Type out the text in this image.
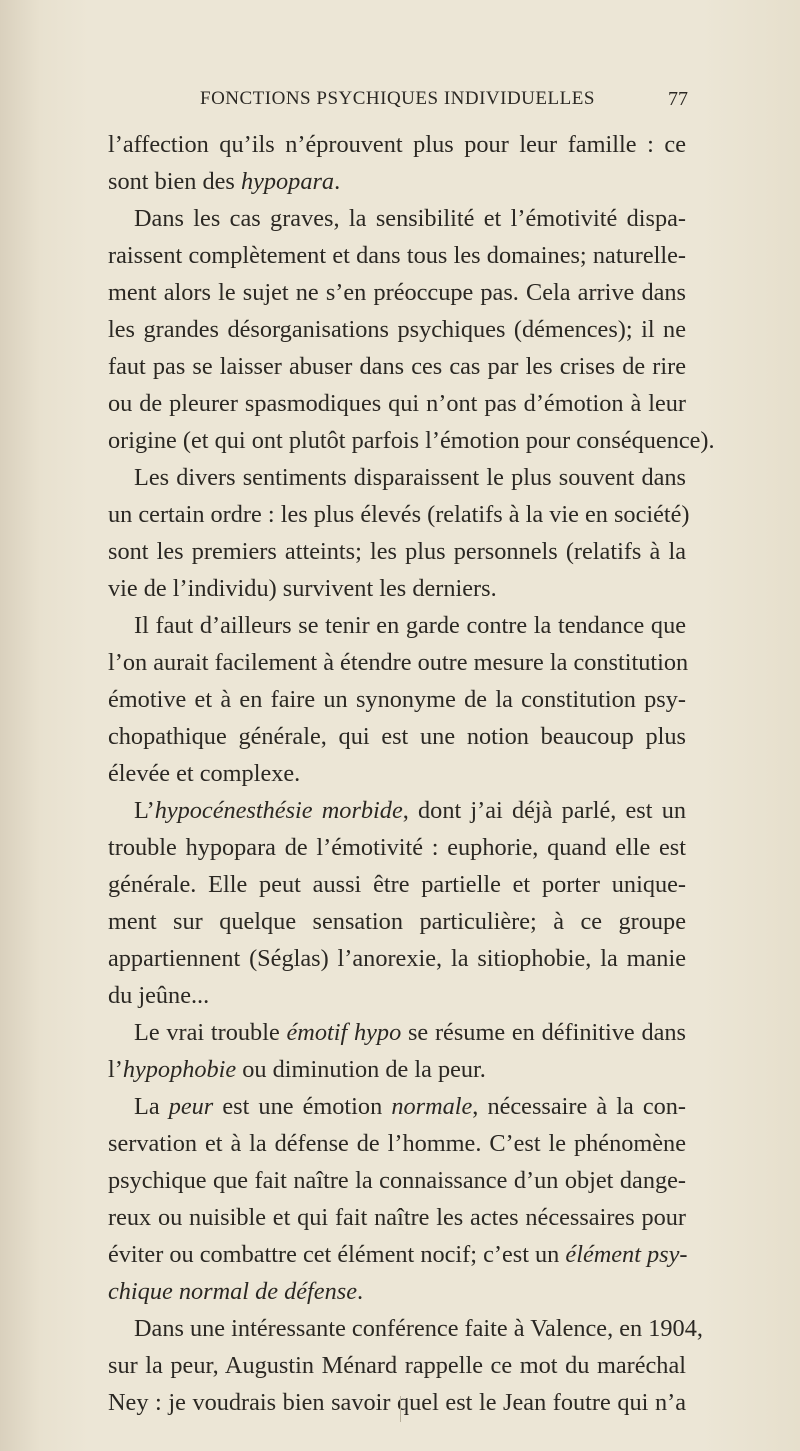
FONCTIONS PSYCHIQUES INDIVIDUELLES	77
l’affection qu’ils n’éprouvent plus pour leur famille : ce
sont bien des hypopara.
Dans les cas graves, la sensibilité et l’émotivité dispa-
raissent complètement et dans tous les domaines; naturelle-
ment alors le sujet ne s’en préoccupe pas. Cela arrive dans
les grandes désorganisations psychiques (démences); il ne
faut pas se laisser abuser dans ces cas par les crises de rire
ou de pleurer spasmodiques qui n’ont pas d’émotion à leur
origine (et qui ont plutôt parfois l’émotion pour conséquence).
Les divers sentiments disparaissent le plus souvent dans
un certain ordre : les plus élevés (relatifs à la vie en société)
sont les premiers atteints; les plus personnels (relatifs à la
vie de l’individu) survivent les derniers.
Il faut d’ailleurs se tenir en garde contre la tendance que
l’on aurait facilement à étendre outre mesure la constitution
émotive et à en faire un synonyme de la constitution psy-
chopathique générale, qui est une notion beaucoup plus
élevée et complexe.
L’hypocénesthésie morbide, dont j’ai déjà parlé, est un
trouble hypopara de l’émotivité : euphorie, quand elle est
générale. Elle peut aussi être partielle et porter unique-
ment sur quelque sensation particulière; à ce groupe
appartiennent (Séglas) l’anorexie, la sitiophobie, la manie
du jeûne...
Le vrai trouble émotif hypo se résume en définitive dans
l’hypophobie ou diminution de la peur.
La peur est une émotion normale, nécessaire à la con-
servation et à la défense de l’homme. C’est le phénomène
psychique que fait naître la connaissance d’un objet dange-
reux ou nuisible et qui fait naître les actes nécessaires pour
éviter ou combattre cet élément nocif; c’est un élément psy-
chique normal de défense.
Dans une intéressante conférence faite à Valence, en 1904,
sur la peur, Augustin Ménard rappelle ce mot du maréchal
Ney : je voudrais bien savoir quel est le Jean foutre qui n’a
